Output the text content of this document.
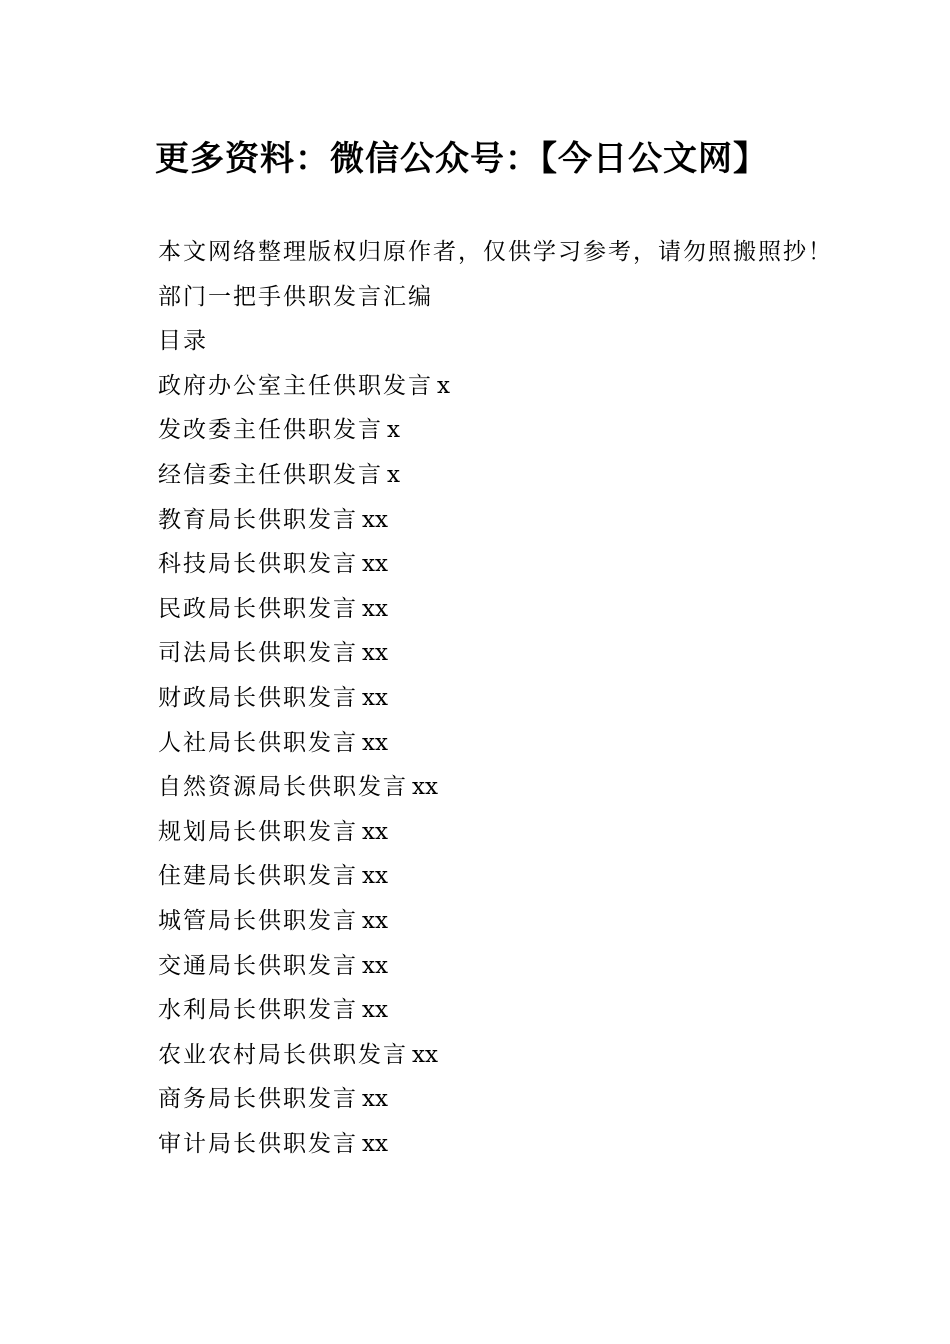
更多资料：微信公众号：【今日公文网】
本文网络整理版权归原作者，仅供学习参考，请勿照搬照抄！
部门一把手供职发言汇编
目录
政府办公室主任供职发言 x
发改委主任供职发言 x
经信委主任供职发言 x
教育局长供职发言 xx
科技局长供职发言 xx
民政局长供职发言 xx
司法局长供职发言 xx
财政局长供职发言 xx
人社局长供职发言 xx
自然资源局长供职发言 xx
规划局长供职发言 xx
住建局长供职发言 xx
城管局长供职发言 xx
交通局长供职发言 xx
水利局长供职发言 xx
农业农村局长供职发言 xx
商务局长供职发言 xx
审计局长供职发言 xx
